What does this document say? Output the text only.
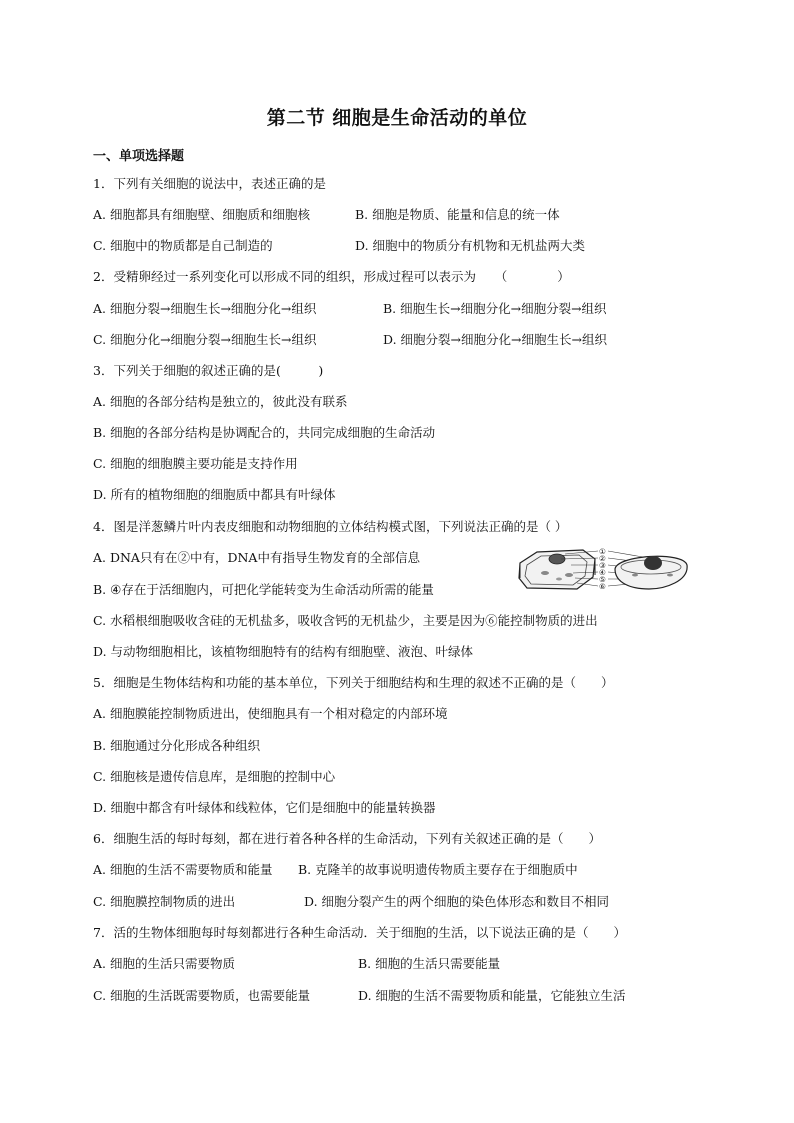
第二节 细胞是生命活动的单位
一、单项选择题
1．下列有关细胞的说法中，表述正确的是
A. 细胞都具有细胞壁、细胞质和细胞核	B. 细胞是物质、能量和信息的统一体
C. 细胞中的物质都是自己制造的	D. 细胞中的物质分有机物和无机盐两大类
2．受精卵经过一系列变化可以形成不同的组织，形成过程可以表示为　　（　　　　）
A. 细胞分裂→细胞生长→细胞分化→组织	B. 细胞生长→细胞分化→细胞分裂→组织
C. 细胞分化→细胞分裂→细胞生长→组织	D. 细胞分裂→细胞分化→细胞生长→组织
3．下列关于细胞的叙述正确的是(　　　)
A. 细胞的各部分结构是独立的，彼此没有联系
B. 细胞的各部分结构是协调配合的，共同完成细胞的生命活动
C. 细胞的细胞膜主要功能是支持作用
D. 所有的植物细胞的细胞质中都具有叶绿体
4．图是洋葱鳞片叶内表皮细胞和动物细胞的立体结构模式图，下列说法正确的是（ ）
A. DNA只有在②中有，DNA中有指导生物发育的全部信息
B. ④存在于活细胞内，可把化学能转变为生命活动所需的能量
C. 水稻根细胞吸收含硅的无机盐多，吸收含钙的无机盐少，主要是因为⑥能控制物质的进出
D. 与动物细胞相比，该植物细胞特有的结构有细胞壁、液泡、叶绿体
①
②
③
④
⑤
⑥
5．细胞是生物体结构和功能的基本单位，下列关于细胞结构和生理的叙述不正确的是（　　）
A. 细胞膜能控制物质进出，使细胞具有一个相对稳定的内部环境
B. 细胞通过分化形成各种组织
C. 细胞核是遗传信息库，是细胞的控制中心
D. 细胞中都含有叶绿体和线粒体，它们是细胞中的能量转换器
6．细胞生活的每时每刻，都在进行着各种各样的生命活动，下列有关叙述正确的是（　　）
A. 细胞的生活不需要物质和能量 B. 克隆羊的故事说明遗传物质主要存在于细胞质中
C. 细胞膜控制物质的进出	D. 细胞分裂产生的两个细胞的染色体形态和数目不相同
7．活的生物体细胞每时每刻都进行各种生命活动．关于细胞的生活，以下说法正确的是（　　）
A. 细胞的生活只需要物质	B. 细胞的生活只需要能量
C. 细胞的生活既需要物质，也需要能量	D. 细胞的生活不需要物质和能量，它能独立生活
